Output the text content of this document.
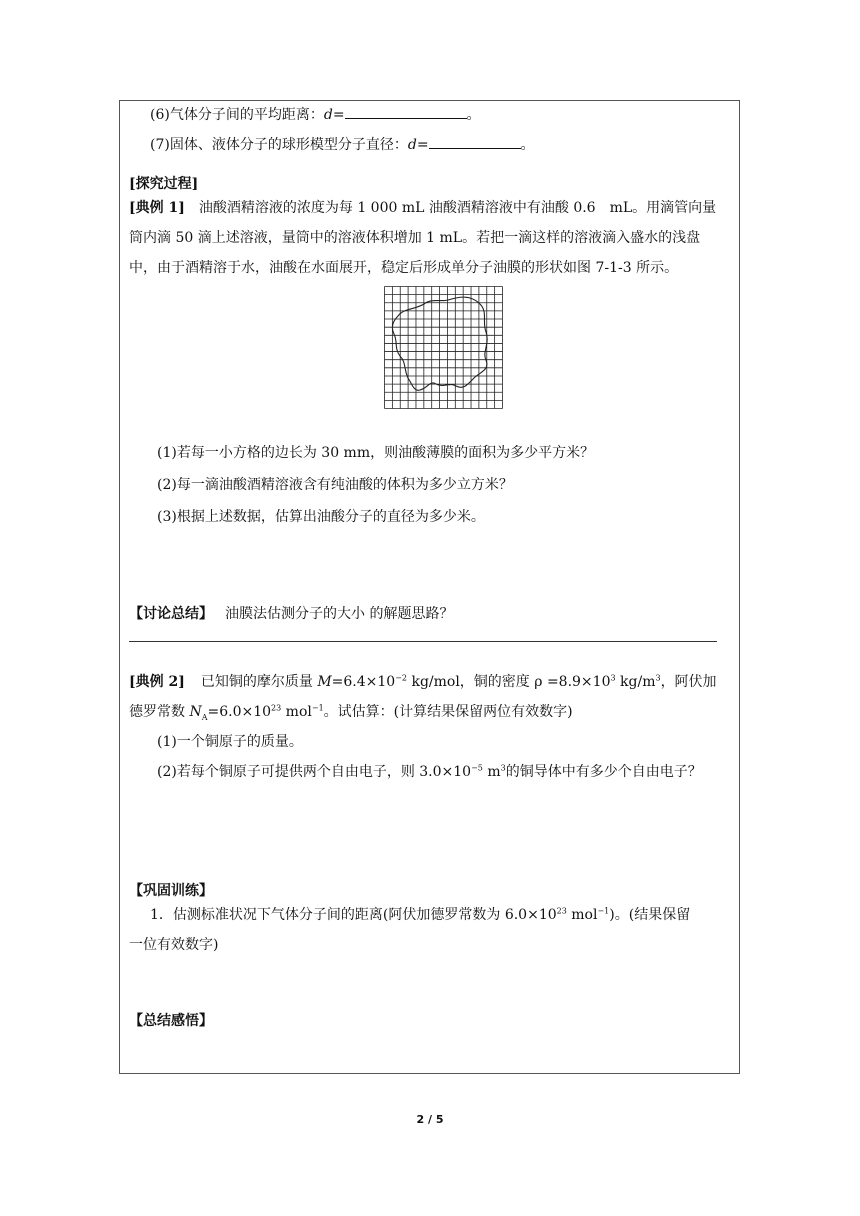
(6)气体分子间的平均距离：d=	。
(7)固体、液体分子的球形模型分子直径：d=	。
[探究过程]
[典例 1] 油酸酒精溶液的浓度为每 1 000 mL 油酸酒精溶液中有油酸 0.6　mL。用滴管向量
筒内滴 50 滴上述溶液，量筒中的溶液体积增加 1 mL。若把一滴这样的溶液滴入盛水的浅盘
中，由于酒精溶于水，油酸在水面展开，稳定后形成单分子油膜的形状如图 7-1-3 所示。
(1)若每一小方格的边长为 30 mm，则油酸薄膜的面积为多少平方米？
(2)每一滴油酸酒精溶液含有纯油酸的体积为多少立方米？
(3)根据上述数据，估算出油酸分子的直径为多少米。
【讨论总结】 油膜法估测分子的大小 的解题思路？
[典例 2] 已知铜的摩尔质量 $M=6.4\times 10^{-2}$ kg/mol，铜的密度 $\rho =8.9\times 10^3$ $kg/m^3$，阿伏加
德罗常数 $N_A=6.0\times 10^{23}$ mol$^{-1}$。试估算：(计算结果保留两位有效数字)
(1)一个铜原子的质量。
(2)若每个铜原子可提供两个自由电子，则 $3.0\times 10^{-5}$ $m^3$的铜导体中有多少个自由电子？
【巩固训练】
1．估测标准状况下气体分子间的距离(阿伏加德罗常数为 $6.0\times 10^{23}$ mol$^{-1}$)。(结果保留
一位有效数字)
【总结感悟】
2 / 5
